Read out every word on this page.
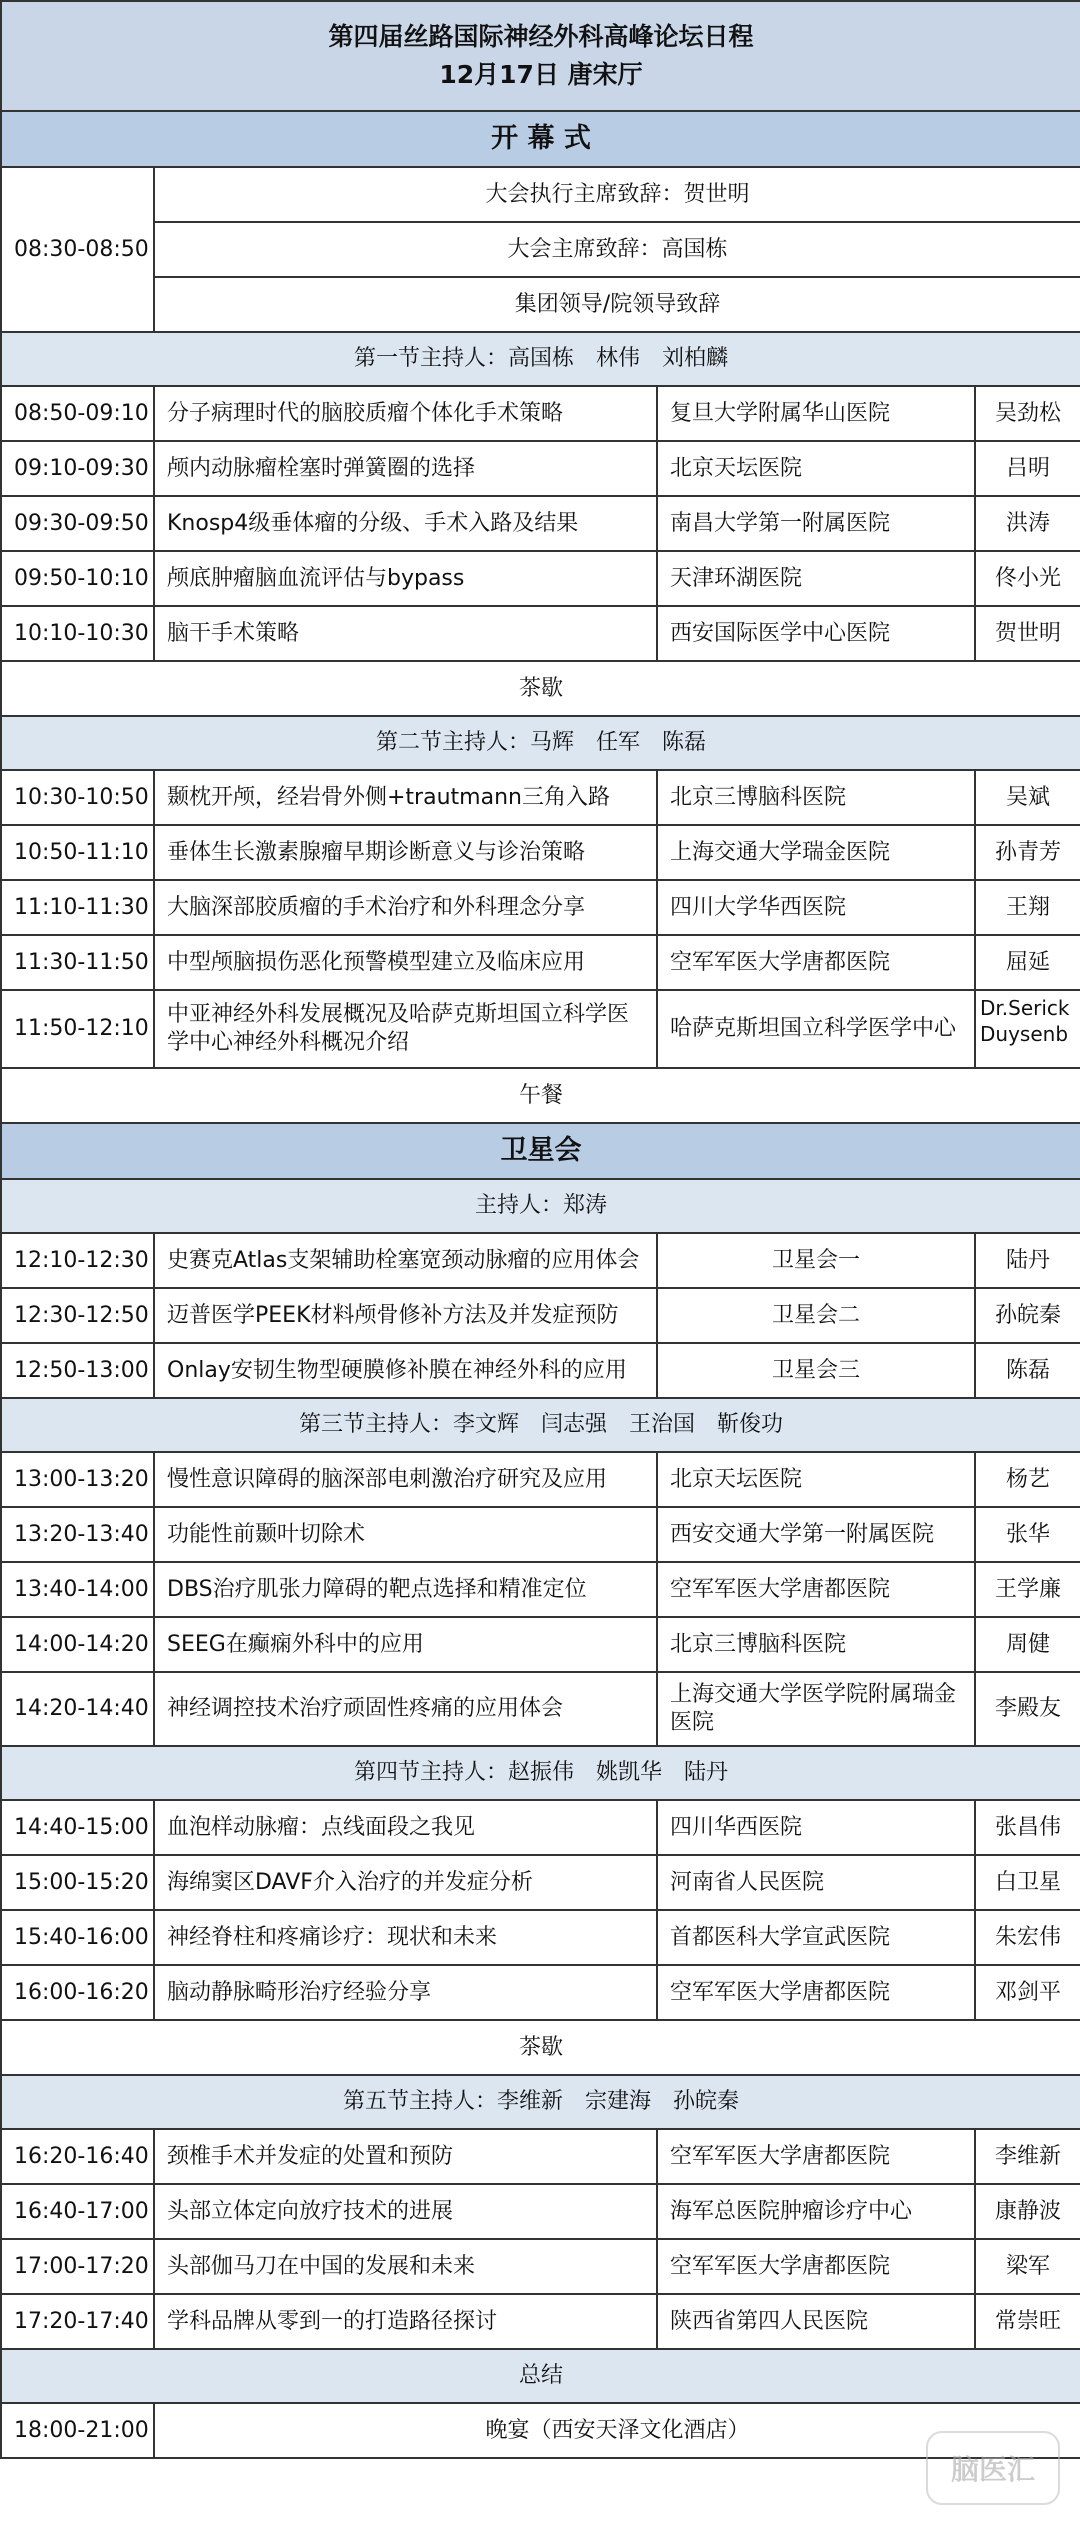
第四届丝路国际神经外科高峰论坛日程
12月17日 唐宋厅			

开 幕 式			
08:30-08:50	大会执行主席致辞：贺世明		
	大会主席致辞：高国栋		
	集团领导/院领导致辞		
第一节主持人：高国栋　林伟　刘柏麟			
08:50-09:10	分子病理时代的脑胶质瘤个体化手术策略	复旦大学附属华山医院	吴劲松
09:10-09:30	颅内动脉瘤栓塞时弹簧圈的选择	北京天坛医院	吕明
09:30-09:50	Knosp4级垂体瘤的分级、手术入路及结果	南昌大学第一附属医院	洪涛
09:50-10:10	颅底肿瘤脑血流评估与bypass	天津环湖医院	佟小光
10:10-10:30	脑干手术策略	西安国际医学中心医院	贺世明
茶歇			
第二节主持人：马辉　任军　陈磊			
10:30-10:50	颞枕开颅，经岩骨外侧+trautmann三角入路	北京三博脑科医院	吴斌
10:50-11:10	垂体生长激素腺瘤早期诊断意义与诊治策略	上海交通大学瑞金医院	孙青芳
11:10-11:30	大脑深部胶质瘤的手术治疗和外科理念分享	四川大学华西医院	王翔
11:30-11:50	中型颅脑损伤恶化预警模型建立及临床应用	空军军医大学唐都医院	屈延
11:50-12:10	中亚神经外科发展概况及哈萨克斯坦国立科学医学中心神经外科概况介绍	哈萨克斯坦国立科学医学中心	Dr.Serick Duysenb
午餐			
卫星会			
主持人：郑涛			
12:10-12:30	史赛克Atlas支架辅助栓塞宽颈动脉瘤的应用体会	卫星会一	陆丹
12:30-12:50	迈普医学PEEK材料颅骨修补方法及并发症预防	卫星会二	孙皖秦
12:50-13:00	Onlay安韧生物型硬膜修补膜在神经外科的应用	卫星会三	陈磊
第三节主持人：李文辉　闫志强　王治国　靳俊功			
13:00-13:20	慢性意识障碍的脑深部电刺激治疗研究及应用	北京天坛医院	杨艺
13:20-13:40	功能性前颞叶切除术	西安交通大学第一附属医院	张华
13:40-14:00	DBS治疗肌张力障碍的靶点选择和精准定位	空军军医大学唐都医院	王学廉
14:00-14:20	SEEG在癫痫外科中的应用	北京三博脑科医院	周健
14:20-14:40	神经调控技术治疗顽固性疼痛的应用体会	上海交通大学医学院附属瑞金医院	李殿友
第四节主持人：赵振伟　姚凯华　陆丹			
14:40-15:00	血泡样动脉瘤：点线面段之我见	四川华西医院	张昌伟
15:00-15:20	海绵窦区DAVF介入治疗的并发症分析	河南省人民医院	白卫星
15:40-16:00	神经脊柱和疼痛诊疗：现状和未来	首都医科大学宣武医院	朱宏伟
16:00-16:20	脑动静脉畸形治疗经验分享	空军军医大学唐都医院	邓剑平
茶歇			
第五节主持人：李维新　宗建海　孙皖秦			
16:20-16:40	颈椎手术并发症的处置和预防	空军军医大学唐都医院	李维新
16:40-17:00	头部立体定向放疗技术的进展	海军总医院肿瘤诊疗中心	康静波
17:00-17:20	头部伽马刀在中国的发展和未来	空军军医大学唐都医院	梁军
17:20-17:40	学科品牌从零到一的打造路径探讨	陕西省第四人民医院	常崇旺
总结			
18:00-21:00	晚宴（西安天泽文化酒店）		
脑医汇
